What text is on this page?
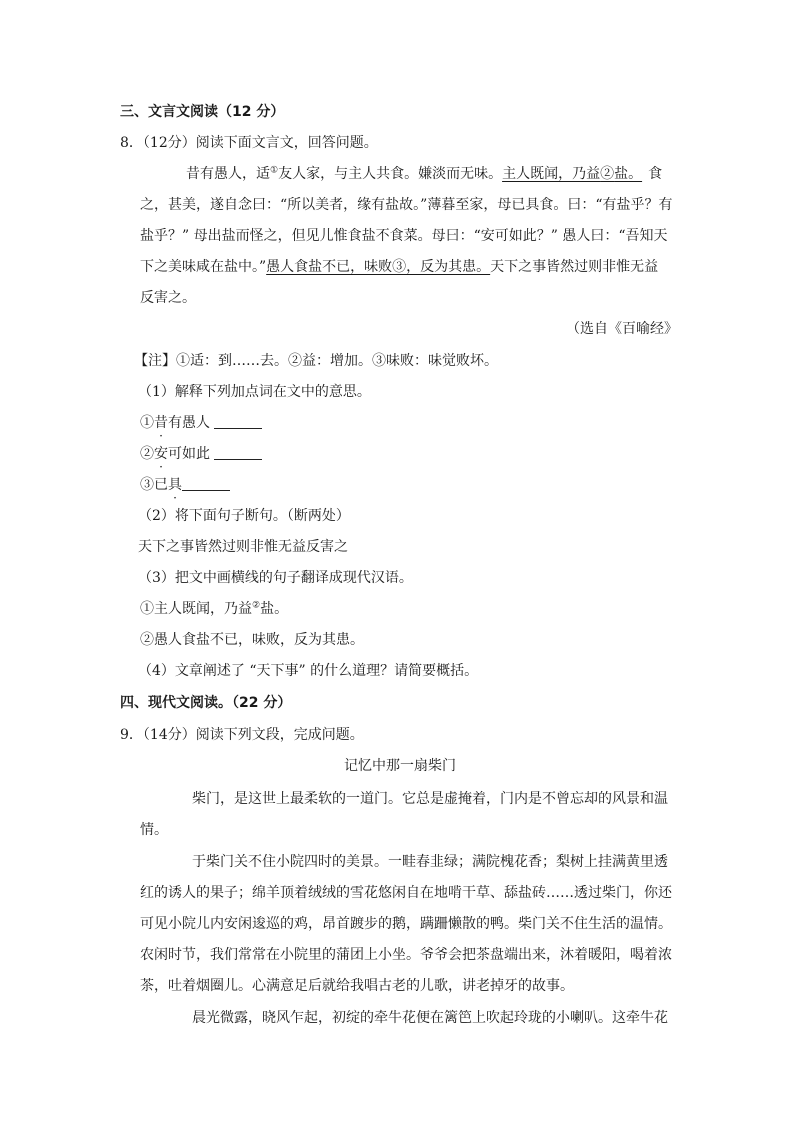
三、文言文阅读（12 分）
8．（12分）阅读下面文言文，回答问题。
昔有愚人，适①友人家，与主人共食。嫌淡而无味。主人既闻，乃益②盐。 食
之，甚美，遂自念曰：“所以美者，缘有盐故。”薄暮至家，母已具食。曰：“有盐乎？有
盐乎？” 母出盐而怪之，但见儿惟食盐不食菜。母曰：“安可如此？” 愚人曰：“吾知天
下之美味咸在盐中。”愚人食盐不已，味败③，反为其患。天下之事皆然过则非惟无益
反害之。
（选自《百喻经》
【注】①适：到……去。②益：增加。③味败：味觉败坏。
（1）解释下列加点词在文中的意思。
①昔有愚人
②安可如此
③已具
（2）将下面句子断句。（断两处）
天下之事皆然过则非惟无益反害之
（3）把文中画横线的句子翻译成现代汉语。
①主人既闻，乃益②盐。
②愚人食盐不已，味败，反为其患。
（4）文章阐述了 “天下事” 的什么道理？请简要概括。
四、现代文阅读。（22 分）
9．（14分）阅读下列文段，完成问题。
记忆中那一扇柴门
柴门，是这世上最柔软的一道门。它总是虚掩着，门内是不曾忘却的风景和温
情。
于柴门关不住小院四时的美景。一畦春韭绿；满院槐花香；梨树上挂满黄里透
红的诱人的果子；绵羊顶着绒绒的雪花悠闲自在地啃干草、舔盐砖……透过柴门，你还
可见小院儿内安闲逡巡的鸡，昂首踱步的鹅，蹒跚懒散的鸭。柴门关不住生活的温情。
农闲时节，我们常常在小院里的蒲团上小坐。爷爷会把茶盘端出来，沐着暖阳，喝着浓
茶，吐着烟圈儿。心满意足后就给我唱古老的儿歌，讲老掉牙的故事。
晨光微露，晓风乍起，初绽的牵牛花便在篱笆上吹起玲珑的小喇叭。这牵牛花
